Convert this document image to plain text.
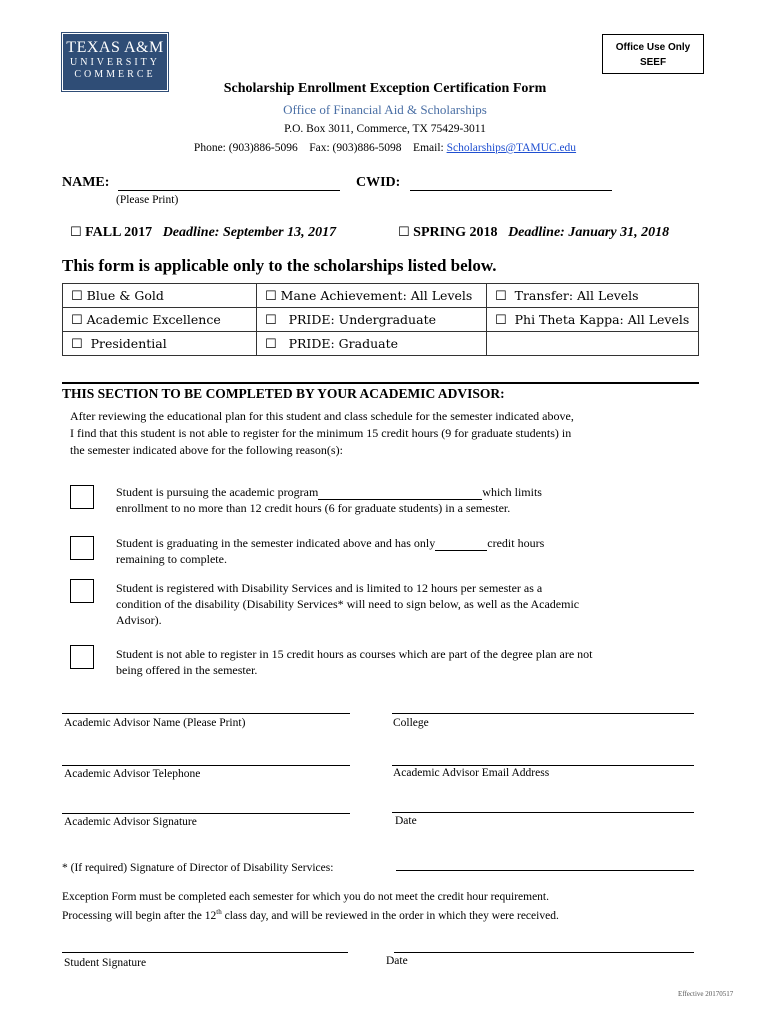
TEXAS A&M
UNIVERSITY
COMMERCE
Office Use Only
SEEF
Scholarship Enrollment Exception Certification Form
Office of Financial Aid & Scholarships
P.O. Box 3011, Commerce, TX 75429-3011
Phone: (903)886-5096 Fax: (903)886-5098 Email: Scholarships@TAMUC.edu
NAME:	CWID:
(Please Print)
☐ FALL 2017 Deadline: September 13, 2017	☐ SPRING 2018 Deadline: January 31, 2018
This form is applicable only to the scholarships listed below.
☐ Blue & Gold	☐ Mane Achievement: All Levels	☐ Transfer: All Levels
☐ Academic Excellence	☐ PRIDE: Undergraduate	☐ Phi Theta Kappa: All Levels
☐ Presidential	☐ PRIDE: Graduate	
THIS SECTION TO BE COMPLETED BY YOUR ACADEMIC ADVISOR:
After reviewing the educational plan for this student and class schedule for the semester indicated above,
I find that this student is not able to register for the minimum 15 credit hours (9 for graduate students) in
the semester indicated above for the following reason(s):
Student is pursuing the academic program	which limits
enrollment to no more than 12 credit hours (6 for graduate students) in a semester.
Student is graduating in the semester indicated above and has only	credit hours
remaining to complete.
Student is registered with Disability Services and is limited to 12 hours per semester as a
condition of the disability (Disability Services* will need to sign below, as well as the Academic
Advisor).
Student is not able to register in 15 credit hours as courses which are part of the degree plan are not
being offered in the semester.
Academic Advisor Name (Please Print)	College
Academic Advisor Telephone	Academic Advisor Email Address
Academic Advisor Signature	Date
* (If required) Signature of Director of Disability Services:
Exception Form must be completed each semester for which you do not meet the credit hour requirement.
Processing will begin after the 12th class day, and will be reviewed in the order in which they were received.
Student Signature	Date
Effective 20170517
